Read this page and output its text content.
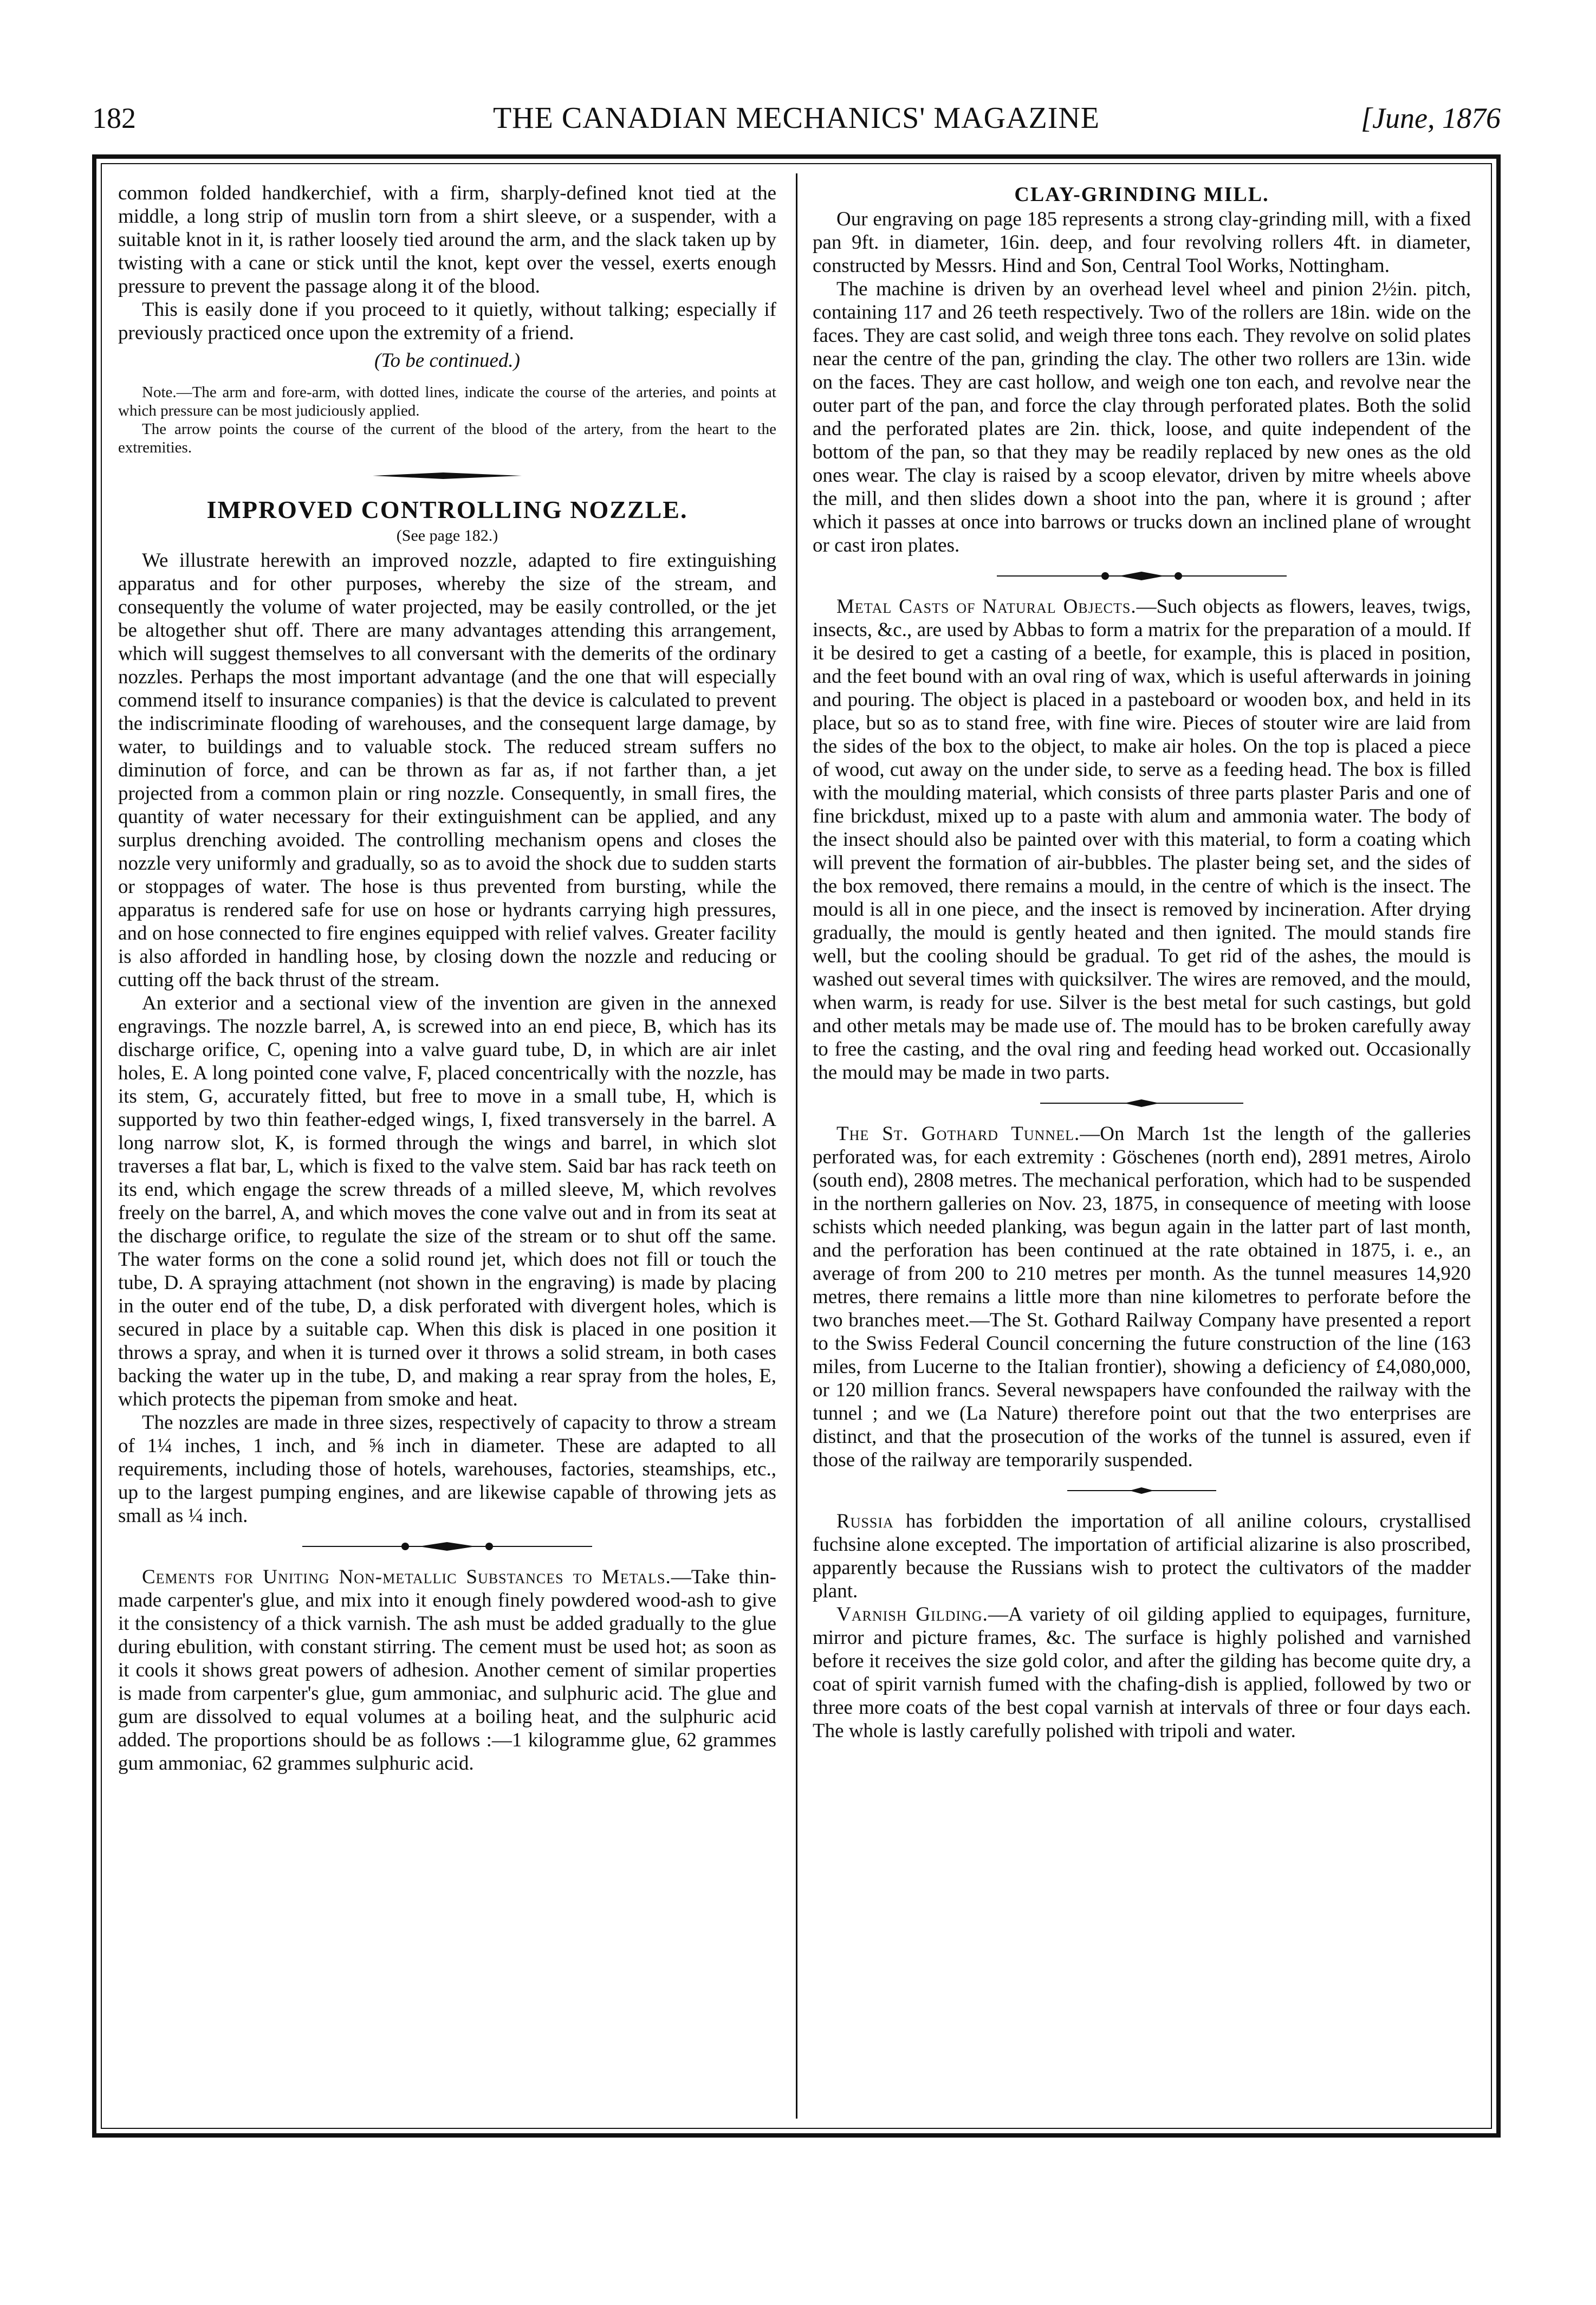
182	THE CANADIAN MECHANICS' MAGAZINE	[June, 1876

common folded handkerchief, with a firm, sharply-defined knot tied at the middle, a long strip of muslin torn from a shirt sleeve, or a suspender, with a suitable knot in it, is rather loosely tied around the arm, and the slack taken up by twisting with a cane or stick until the knot, kept over the vessel, exerts enough pressure to prevent the passage along it of the blood.

This is easily done if you proceed to it quietly, without talking; especially if previously practiced once upon the extremity of a friend.

(To be continued.)

Note.—The arm and fore-arm, with dotted lines, indicate the course of the arteries, and points at which pressure can be most judiciously applied.

The arrow points the course of the current of the blood of the artery, from the heart to the extremities.

IMPROVED CONTROLLING NOZZLE.
(See page 182.)

We illustrate herewith an improved nozzle, adapted to fire extinguishing apparatus and for other purposes, whereby the size of the stream, and consequently the volume of water projected, may be easily controlled, or the jet be altogether shut off. There are many advantages attending this arrangement, which will suggest themselves to all conversant with the demerits of the ordinary nozzles. Perhaps the most important advantage (and the one that will especially commend itself to insurance companies) is that the device is calculated to prevent the indiscriminate flooding of warehouses, and the consequent large damage, by water, to buildings and to valuable stock. The reduced stream suffers no diminution of force, and can be thrown as far as, if not farther than, a jet projected from a common plain or ring nozzle. Consequently, in small fires, the quantity of water necessary for their extinguishment can be applied, and any surplus drenching avoided. The controlling mechanism opens and closes the nozzle very uniformly and gradually, so as to avoid the shock due to sudden starts or stoppages of water. The hose is thus prevented from bursting, while the apparatus is rendered safe for use on hose or hydrants carrying high pressures, and on hose connected to fire engines equipped with relief valves. Greater facility is also afforded in handling hose, by closing down the nozzle and reducing or cutting off the back thrust of the stream.

An exterior and a sectional view of the invention are given in the annexed engravings. The nozzle barrel, A, is screwed into an end piece, B, which has its discharge orifice, C, opening into a valve guard tube, D, in which are air inlet holes, E. A long pointed cone valve, F, placed concentrically with the nozzle, has its stem, G, accurately fitted, but free to move in a small tube, H, which is supported by two thin feather-edged wings, I, fixed transversely in the barrel. A long narrow slot, K, is formed through the wings and barrel, in which slot traverses a flat bar, L, which is fixed to the valve stem. Said bar has rack teeth on its end, which engage the screw threads of a milled sleeve, M, which revolves freely on the barrel, A, and which moves the cone valve out and in from its seat at the discharge orifice, to regulate the size of the stream or to shut off the same. The water forms on the cone a solid round jet, which does not fill or touch the tube, D. A spraying attachment (not shown in the engraving) is made by placing in the outer end of the tube, D, a disk perforated with divergent holes, which is secured in place by a suitable cap. When this disk is placed in one position it throws a spray, and when it is turned over it throws a solid stream, in both cases backing the water up in the tube, D, and making a rear spray from the holes, E, which protects the pipeman from smoke and heat.

The nozzles are made in three sizes, respectively of capacity to throw a stream of 1¼ inches, 1 inch, and ⅝ inch in diameter. These are adapted to all requirements, including those of hotels, warehouses, factories, steamships, etc., up to the largest pumping engines, and are likewise capable of throwing jets as small as ¼ inch.

Cements for Uniting Non-metallic Substances to Metals.—Take thin-made carpenter's glue, and mix into it enough finely powdered wood-ash to give it the consistency of a thick varnish. The ash must be added gradually to the glue during ebulition, with constant stirring. The cement must be used hot; as soon as it cools it shows great powers of adhesion. Another cement of similar properties is made from carpenter's glue, gum ammoniac, and sulphuric acid. The glue and gum are dissolved to equal volumes at a boiling heat, and the sulphuric acid added. The proportions should be as follows :—1 kilogramme glue, 62 grammes gum ammoniac, 62 grammes sulphuric acid.

CLAY-GRINDING MILL.

Our engraving on page 185 represents a strong clay-grinding mill, with a fixed pan 9ft. in diameter, 16in. deep, and four revolving rollers 4ft. in diameter, constructed by Messrs. Hind and Son, Central Tool Works, Nottingham.

The machine is driven by an overhead level wheel and pinion 2½in. pitch, containing 117 and 26 teeth respectively. Two of the rollers are 18in. wide on the faces. They are cast solid, and weigh three tons each. They revolve on solid plates near the centre of the pan, grinding the clay. The other two rollers are 13in. wide on the faces. They are cast hollow, and weigh one ton each, and revolve near the outer part of the pan, and force the clay through perforated plates. Both the solid and the perforated plates are 2in. thick, loose, and quite independent of the bottom of the pan, so that they may be readily replaced by new ones as the old ones wear. The clay is raised by a scoop elevator, driven by mitre wheels above the mill, and then slides down a shoot into the pan, where it is ground ; after which it passes at once into barrows or trucks down an inclined plane of wrought or cast iron plates.

Metal Casts of Natural Objects.—Such objects as flowers, leaves, twigs, insects, &c., are used by Abbas to form a matrix for the preparation of a mould. If it be desired to get a casting of a beetle, for example, this is placed in position, and the feet bound with an oval ring of wax, which is useful afterwards in joining and pouring. The object is placed in a pasteboard or wooden box, and held in its place, but so as to stand free, with fine wire. Pieces of stouter wire are laid from the sides of the box to the object, to make air holes. On the top is placed a piece of wood, cut away on the under side, to serve as a feeding head. The box is filled with the moulding material, which consists of three parts plaster Paris and one of fine brickdust, mixed up to a paste with alum and ammonia water. The body of the insect should also be painted over with this material, to form a coating which will prevent the formation of air-bubbles. The plaster being set, and the sides of the box removed, there remains a mould, in the centre of which is the insect. The mould is all in one piece, and the insect is removed by incineration. After drying gradually, the mould is gently heated and then ignited. The mould stands fire well, but the cooling should be gradual. To get rid of the ashes, the mould is washed out several times with quicksilver. The wires are removed, and the mould, when warm, is ready for use. Silver is the best metal for such castings, but gold and other metals may be made use of. The mould has to be broken carefully away to free the casting, and the oval ring and feeding head worked out. Occasionally the mould may be made in two parts.

The St. Gothard Tunnel.—On March 1st the length of the galleries perforated was, for each extremity : Göschenes (north end), 2891 metres, Airolo (south end), 2808 metres. The mechanical perforation, which had to be suspended in the northern galleries on Nov. 23, 1875, in consequence of meeting with loose schists which needed planking, was begun again in the latter part of last month, and the perforation has been continued at the rate obtained in 1875, i. e., an average of from 200 to 210 metres per month. As the tunnel measures 14,920 metres, there remains a little more than nine kilometres to perforate before the two branches meet.—The St. Gothard Railway Company have presented a report to the Swiss Federal Council concerning the future construction of the line (163 miles, from Lucerne to the Italian frontier), showing a deficiency of £4,080,000, or 120 million francs. Several newspapers have confounded the railway with the tunnel ; and we (La Nature) therefore point out that the two enterprises are distinct, and that the prosecution of the works of the tunnel is assured, even if those of the railway are temporarily suspended.

Russia has forbidden the importation of all aniline colours, crystallised fuchsine alone excepted. The importation of artificial alizarine is also proscribed, apparently because the Russians wish to protect the cultivators of the madder plant.

Varnish Gilding.—A variety of oil gilding applied to equipages, furniture, mirror and picture frames, &c. The surface is highly polished and varnished before it receives the size gold color, and after the gilding has become quite dry, a coat of spirit varnish fumed with the chafing-dish is applied, followed by two or three more coats of the best copal varnish at intervals of three or four days each. The whole is lastly carefully polished with tripoli and water.
